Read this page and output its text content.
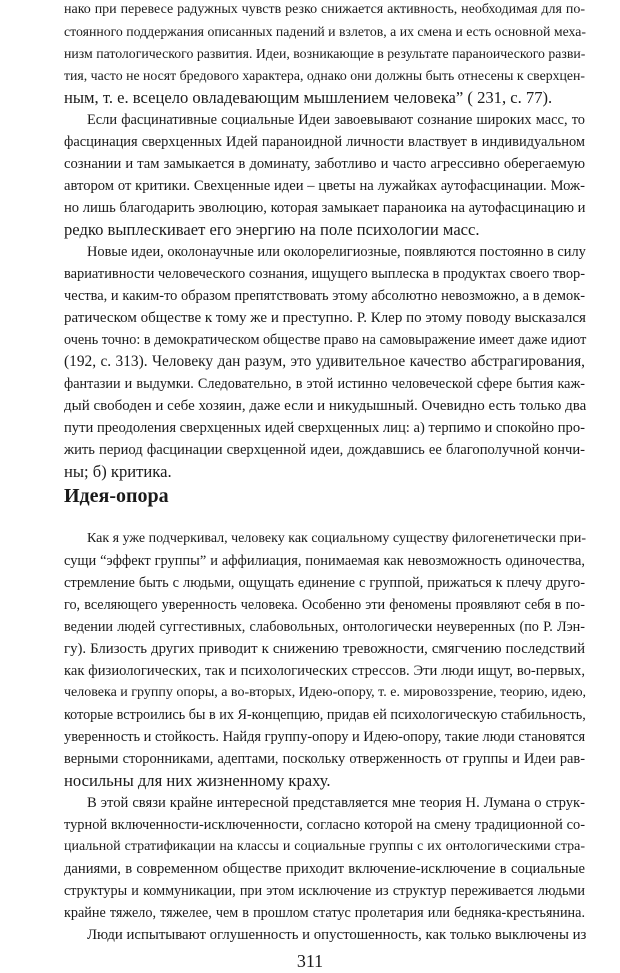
нако при перевесе радужных чувств резко снижается активность, необходимая для по-
стоянного поддержания описанных падений и взлетов, а их смена и есть основной меха-
низм патологического развития. Идеи, возникающие в результате параноического разви-
тия, часто не носят бредового характера, однако они должны быть отнесены к сверхцен-
ным, т. е. всецело овладевающим мышлением человека” ( 231, с. 77).
Если фасцинативные социальные Идеи завоевывают сознание широких масс, то
фасцинация сверхценных Идей параноидной личности властвует в индивидуальном
сознании и там замыкается в доминату, заботливо и часто агрессивно оберегаемую
автором от критики. Свехценные идеи – цветы на лужайках аутофасцинации. Мож-
но лишь благодарить эволюцию, которая замыкает параноика на аутофасцинацию и
редко выплескивает его энергию на поле психологии масс.
Новые идеи, околонаучные или околорелигиозные, появляются постоянно в силу
вариативности человеческого сознания, ищущего выплеска в продуктах своего твор-
чества, и каким-то образом препятствовать этому абсолютно невозможно, а в демок-
ратическом обществе к тому же и преступно. Р. Клер по этому поводу высказался
очень точно: в демократическом обществе право на самовыражение имеет даже идиот
(192, с. 313). Человеку дан разум, это удивительное качество абстрагирования,
фантазии и выдумки. Следовательно, в этой истинно человеческой сфере бытия каж-
дый свободен и себе хозяин, даже если и никудышный. Очевидно есть только два
пути преодоления сверхценных идей сверхценных лиц: а) терпимо и спокойно про-
жить период фасцинации сверхценной идеи, дождавшись ее благополучной кончи-
ны; б) критика.
Идея-опора
Как я уже подчеркивал, человеку как социальному существу филогенетически при-
сущи “эффект группы” и аффилиация, понимаемая как невозможность одиночества,
стремление быть с людьми, ощущать единение с группой, прижаться к плечу друго-
го, вселяющего уверенность человека. Особенно эти феномены проявляют себя в по-
ведении людей суггестивных, слабовольных, онтологически неуверенных (по Р. Лэн-
гу). Близость других приводит к снижению тревожности, смягчению последствий
как физиологических, так и психологических стрессов. Эти люди ищут, во-первых,
человека и группу опоры, а во-вторых, Идею-опору, т. е. мировоззрение, теорию, идею,
которые встроились бы в их Я-концепцию, придав ей психологическую стабильность,
уверенность и стойкость. Найдя группу-опору и Идею-опору, такие люди становятся
верными сторонниками, адептами, поскольку отверженность от группы и Идеи рав-
носильны для них жизненному краху.
В этой связи крайне интересной представляется мне теория Н. Лумана о струк-
турной включенности-исключенности, согласно которой на смену традиционной со-
циальной стратификации на классы и социальные группы с их онтологическими стра-
даниями, в современном обществе приходит включение-исключение в социальные
структуры и коммуникации, при этом исключение из структур переживается людьми
крайне тяжело, тяжелее, чем в прошлом статус пролетария или бедняка-крестьянина.
Люди испытывают оглушенность и опустошенность, как только выключены из
311
